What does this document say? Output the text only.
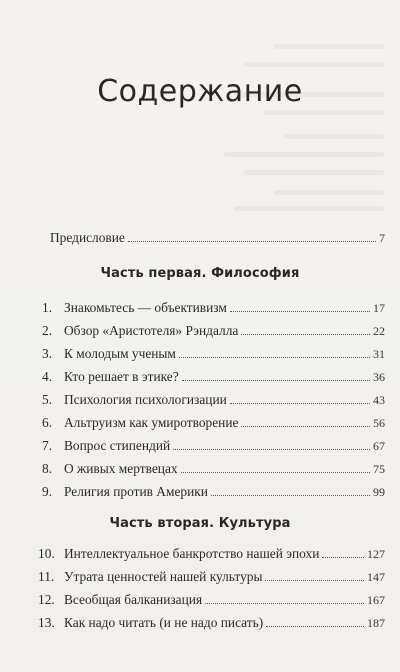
Содержание
Предисловие	7
Часть первая. Философия
1. Знакомьтесь — объективизм	17
2. Обзор «Аристотеля» Рэндалла	22
3. К молодым ученым	31
4. Кто решает в этике?	36
5. Психология психологизации	43
6. Альтруизм как умиротворение	56
7. Вопрос стипендий	67
8. О живых мертвецах	75
9. Религия против Америки	99
Часть вторая. Культура
10. Интеллектуальное банкротство нашей эпохи	127
11. Утрата ценностей нашей культуры	147
12. Всеобщая балканизация	167
13. Как надо читать (и не надо писать)	187
